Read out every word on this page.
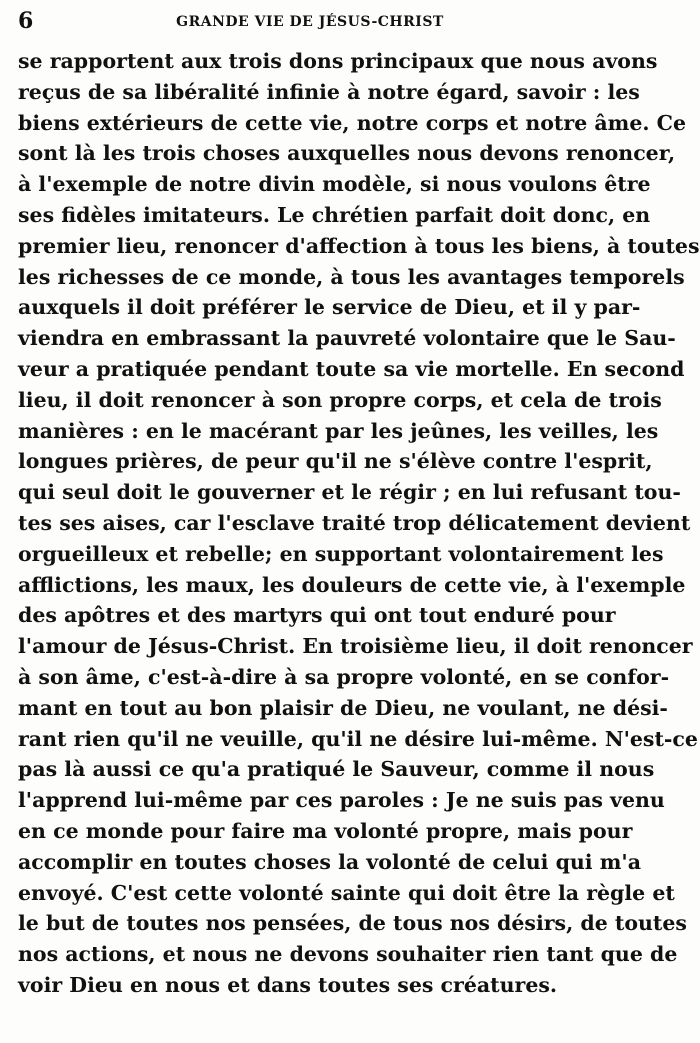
6	GRANDE VIE DE JÉSUS-CHRIST
se rapportent aux trois dons principaux que nous avons
reçus de sa libéralité infinie à notre égard, savoir : les
biens extérieurs de cette vie, notre corps et notre âme. Ce
sont là les trois choses auxquelles nous devons renoncer,
à l'exemple de notre divin modèle, si nous voulons être
ses fidèles imitateurs. Le chrétien parfait doit donc, en
premier lieu, renoncer d'affection à tous les biens, à toutes
les richesses de ce monde, à tous les avantages temporels
auxquels il doit préférer le service de Dieu, et il y par-
viendra en embrassant la pauvreté volontaire que le Sau-
veur a pratiquée pendant toute sa vie mortelle. En second
lieu, il doit renoncer à son propre corps, et cela de trois
manières : en le macérant par les jeûnes, les veilles, les
longues prières, de peur qu'il ne s'élève contre l'esprit,
qui seul doit le gouverner et le régir ; en lui refusant tou-
tes ses aises, car l'esclave traité trop délicatement devient
orgueilleux et rebelle; en supportant volontairement les
afflictions, les maux, les douleurs de cette vie, à l'exemple
des apôtres et des martyrs qui ont tout enduré pour
l'amour de Jésus-Christ. En troisième lieu, il doit renoncer
à son âme, c'est-à-dire à sa propre volonté, en se confor-
mant en tout au bon plaisir de Dieu, ne voulant, ne dési-
rant rien qu'il ne veuille, qu'il ne désire lui-même. N'est-ce
pas là aussi ce qu'a pratiqué le Sauveur, comme il nous
l'apprend lui-même par ces paroles : Je ne suis pas venu
en ce monde pour faire ma volonté propre, mais pour
accomplir en toutes choses la volonté de celui qui m'a
envoyé. C'est cette volonté sainte qui doit être la règle et
le but de toutes nos pensées, de tous nos désirs, de toutes
nos actions, et nous ne devons souhaiter rien tant que de
voir Dieu en nous et dans toutes ses créatures.
